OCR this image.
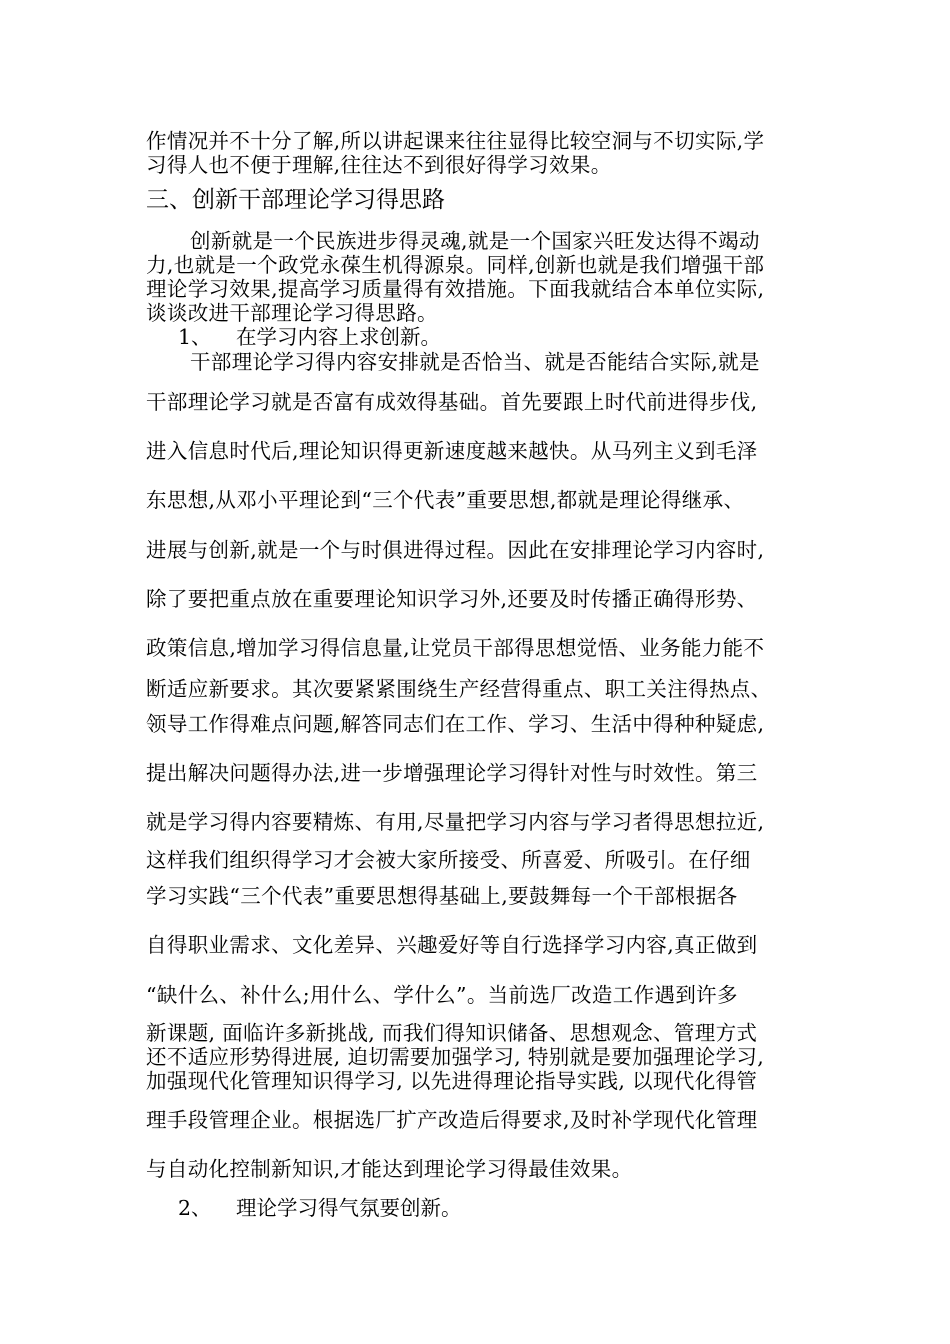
作情况并不十分了解,所以讲起课来往往显得比较空洞与不切实际,学
习得人也不便于理解,往往达不到很好得学习效果。
三、创新干部理论学习得思路
创新就是一个民族进步得灵魂,就是一个国家兴旺发达得不竭动
力,也就是一个政党永葆生机得源泉。同样,创新也就是我们增强干部
理论学习效果,提高学习质量得有效措施。下面我就结合本单位实际,
谈谈改进干部理论学习得思路。
1、 在学习内容上求创新。
干部理论学习得内容安排就是否恰当、就是否能结合实际,就是
干部理论学习就是否富有成效得基础。首先要跟上时代前进得步伐,
进入信息时代后,理论知识得更新速度越来越快。从马列主义到毛泽
东思想,从邓小平理论到“三个代表”重要思想,都就是理论得继承、
进展与创新,就是一个与时俱进得过程。因此在安排理论学习内容时,
除了要把重点放在重要理论知识学习外,还要及时传播正确得形势、
政策信息,增加学习得信息量,让党员干部得思想觉悟、业务能力能不
断适应新要求。其次要紧紧围绕生产经营得重点、职工关注得热点、
领导工作得难点问题,解答同志们在工作、学习、生活中得种种疑虑,
提出解决问题得办法,进一步增强理论学习得针对性与时效性。第三
就是学习得内容要精炼、有用,尽量把学习内容与学习者得思想拉近,
这样我们组织得学习才会被大家所接受、所喜爱、所吸引。在仔细
学习实践“三个代表”重要思想得基础上,要鼓舞每一个干部根据各
自得职业需求、文化差异、兴趣爱好等自行选择学习内容,真正做到
“缺什么、补什么;用什么、学什么”。当前选厂改造工作遇到许多
新课题, 面临许多新挑战, 而我们得知识储备、思想观念、管理方式
还不适应形势得进展, 迫切需要加强学习, 特别就是要加强理论学习,
加强现代化管理知识得学习, 以先进得理论指导实践, 以现代化得管
理手段管理企业。根据选厂扩产改造后得要求,及时补学现代化管理
与自动化控制新知识,才能达到理论学习得最佳效果。
2、 理论学习得气氛要创新。
